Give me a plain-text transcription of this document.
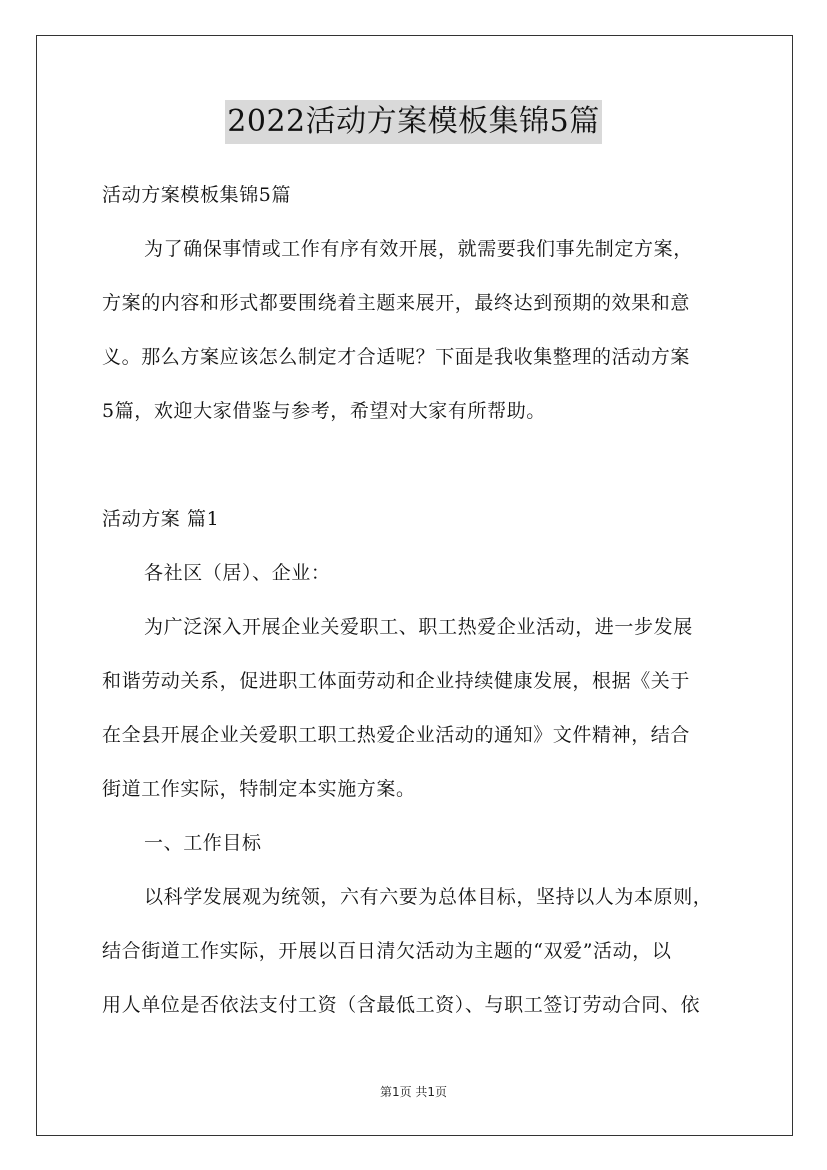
2022活动方案模板集锦5篇
活动方案模板集锦5篇
为了确保事情或工作有序有效开展，就需要我们事先制定方案，
方案的内容和形式都要围绕着主题来展开，最终达到预期的效果和意
义。那么方案应该怎么制定才合适呢？下面是我收集整理的活动方案
5篇，欢迎大家借鉴与参考，希望对大家有所帮助。
活动方案 篇1
各社区（居）、企业：
为广泛深入开展企业关爱职工、职工热爱企业活动，进一步发展
和谐劳动关系，促进职工体面劳动和企业持续健康发展，根据《关于
在全县开展企业关爱职工职工热爱企业活动的通知》文件精神，结合
街道工作实际，特制定本实施方案。
一、工作目标
以科学发展观为统领，六有六要为总体目标，坚持以人为本原则，
结合街道工作实际，开展以百日清欠活动为主题的“双爱”活动，以
用人单位是否依法支付工资（含最低工资）、与职工签订劳动合同、依
第1页 共1页
